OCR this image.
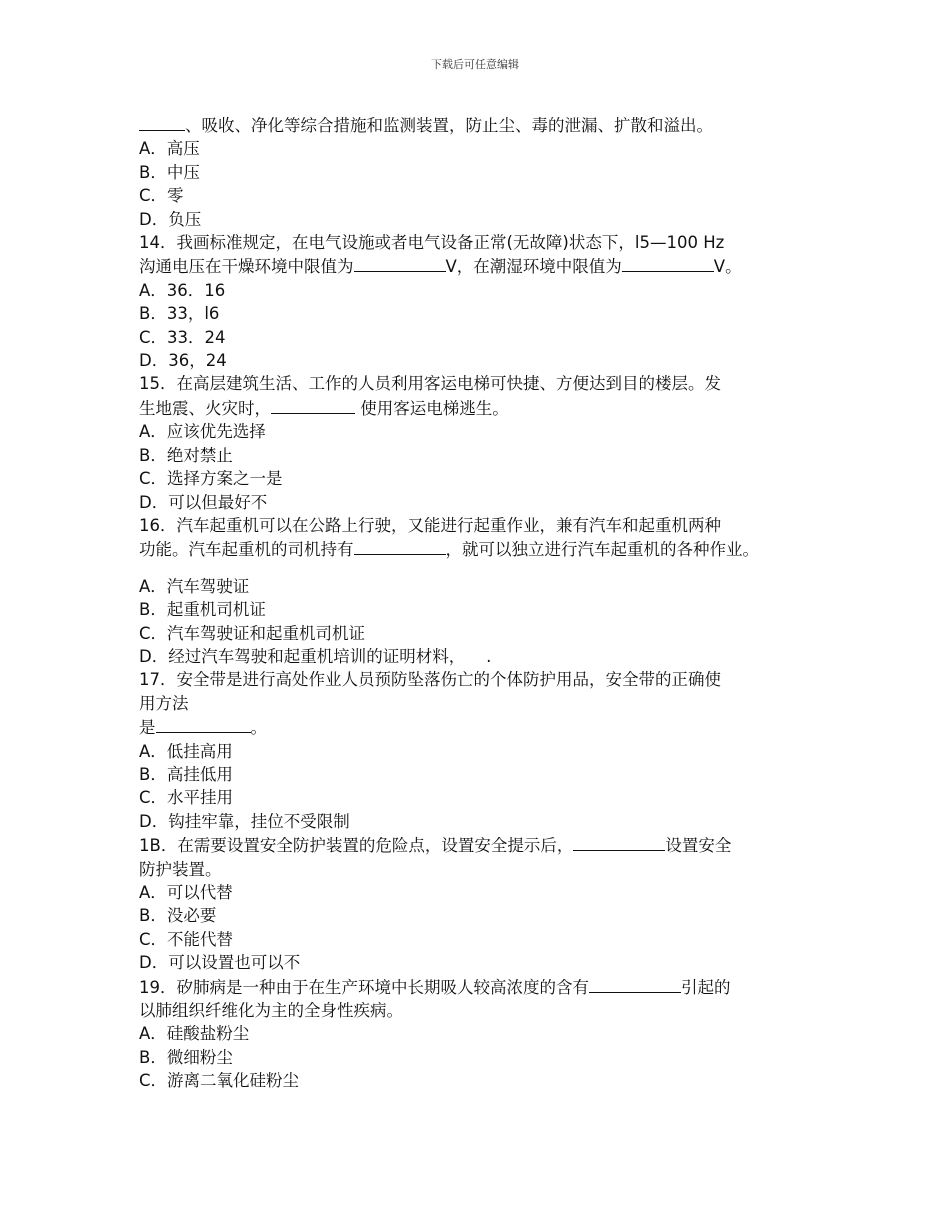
下载后可任意编辑
、吸收、净化等综合措施和监测装置，防止尘、毒的泄漏、扩散和溢出。
A．高压
B．中压
C．零
D．负压
14．我画标准规定，在电气设施或者电气设备正常(无故障)状态下，l5—100 Hz
沟通电压在干燥环境中限值为	V，在潮湿环境中限值为	V。
A．36．16
B．33，l6
C．33．24
D．36，24
15．在高层建筑生活、工作的人员利用客运电梯可快捷、方便达到目的楼层。发
生地震、火灾时，	使用客运电梯逃生。
A．应该优先选择
B．绝对禁止
C．选择方案之一是
D．可以但最好不
16．汽车起重机可以在公路上行驶，又能进行起重作业，兼有汽车和起重机两种
功能。汽车起重机的司机持有	，就可以独立进行汽车起重机的各种作业。
A．汽车驾驶证
B．起重机司机证
C．汽车驾驶证和起重机司机证
D．经过汽车驾驶和起重机培训的证明材料，    .
17．安全带是进行高处作业人员预防坠落伤亡的个体防护用品，安全带的正确使
用方法
是	。
A．低挂高用
B．高挂低用
C．水平挂用
D．钩挂牢靠，挂位不受限制
1B．在需要设置安全防护装置的危险点，设置安全提示后，	设置安全
防护装置。
A．可以代替
B．没必要
C．不能代替
D．可以设置也可以不
19．矽肺病是一种由于在生产环境中长期吸人较高浓度的含有	引起的
以肺组织纤维化为主的全身性疾病。
A．硅酸盐粉尘
B．微细粉尘
C．游离二氧化硅粉尘
